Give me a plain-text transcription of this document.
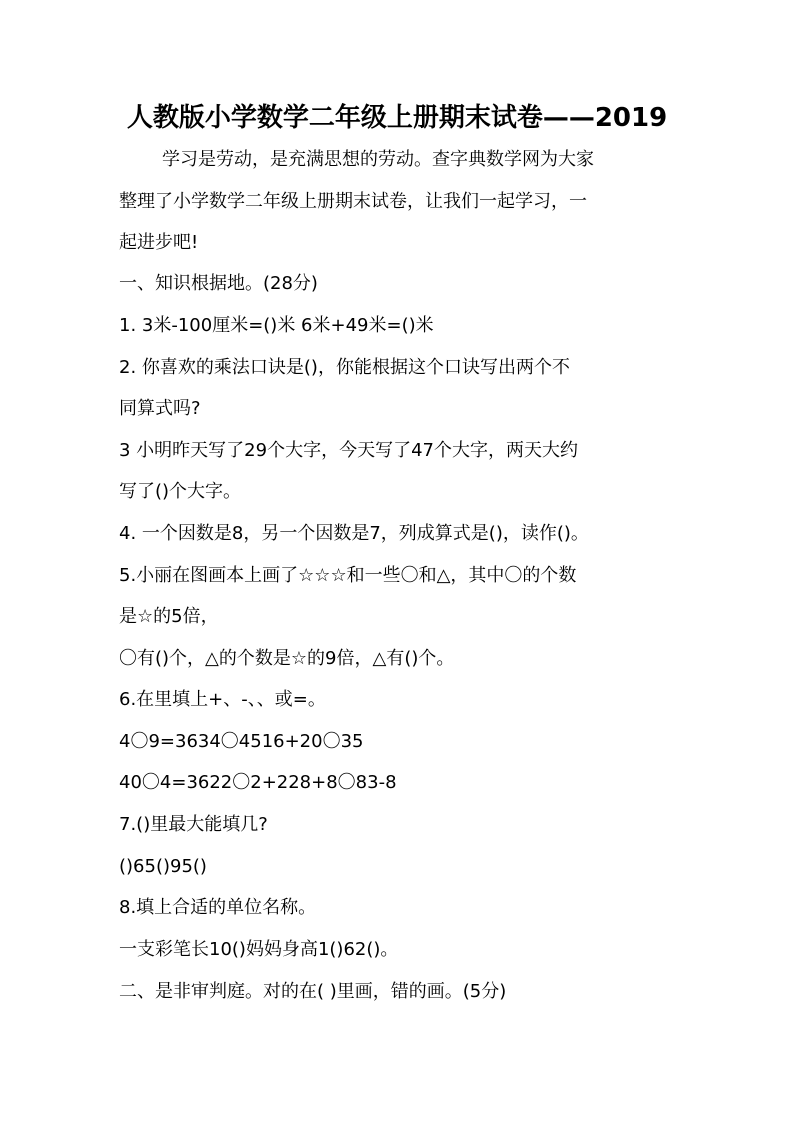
人教版小学数学二年级上册期末试卷——2019
学习是劳动，是充满思想的劳动。查字典数学网为大家
整理了小学数学二年级上册期末试卷，让我们一起学习，一
起进步吧!
一、知识根据地。(28分)
1. 3米-100厘米=()米 6米+49米=()米
2. 你喜欢的乘法口诀是()，你能根据这个口诀写出两个不
同算式吗?
3 小明昨天写了29个大字，今天写了47个大字，两天大约
写了()个大字。
4. 一个因数是8，另一个因数是7，列成算式是()，读作()。
5.小丽在图画本上画了☆☆☆和一些〇和△，其中〇的个数
是☆的5倍，
〇有()个，△的个数是☆的9倍，△有()个。
6.在里填上+、-、、或=。
4〇9=3634〇4516+20〇35
40〇4=3622〇2+228+8〇83-8
7.()里最大能填几?
()65()95()
8.填上合适的单位名称。
一支彩笔长10()妈妈身高1()62()。
二、是非审判庭。对的在( )里画，错的画。(5分)
